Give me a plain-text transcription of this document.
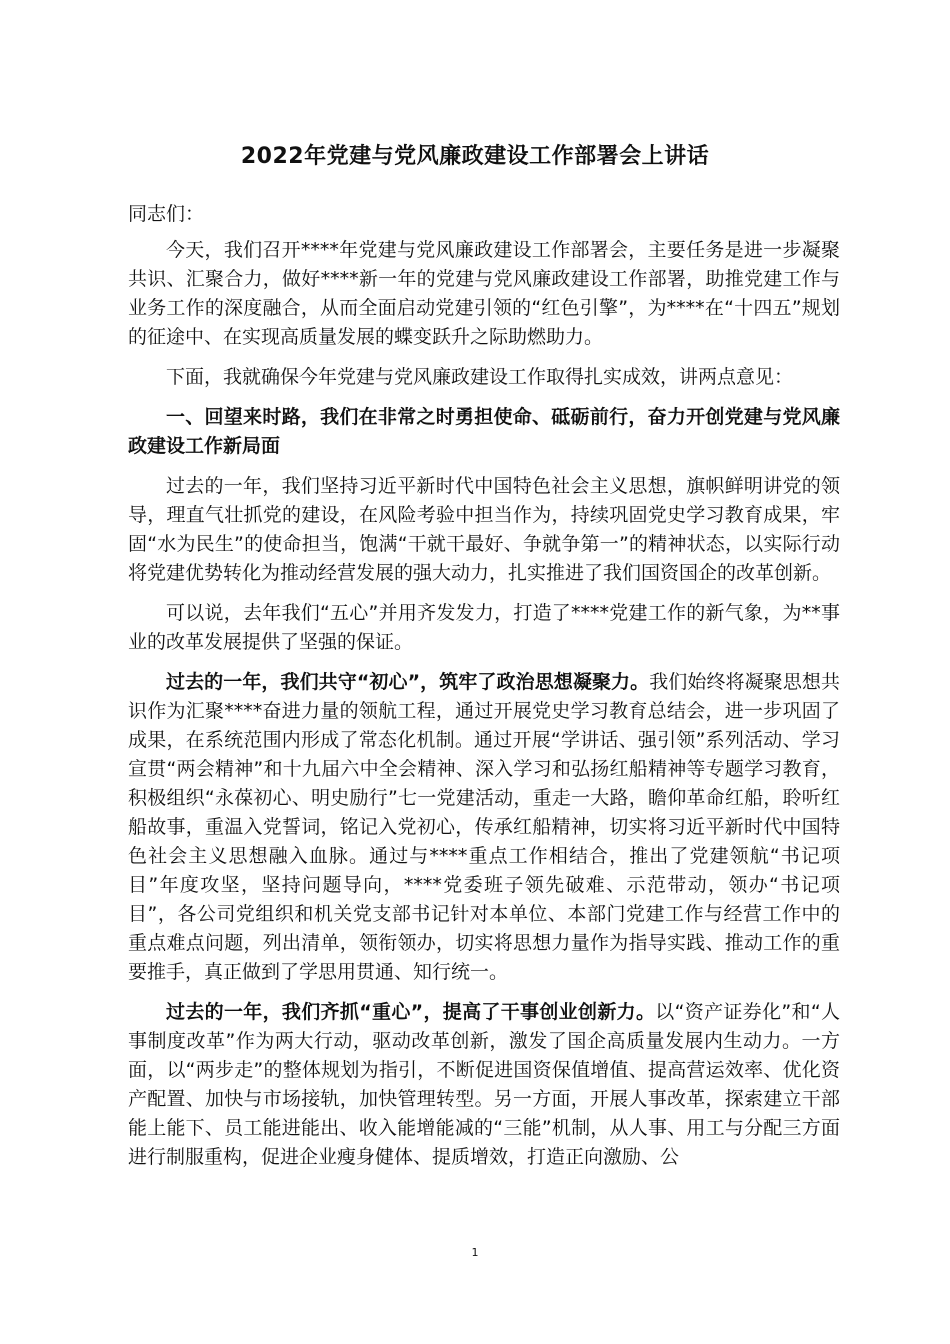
2022年党建与党风廉政建设工作部署会上讲话

同志们：

今天，我们召开****年党建与党风廉政建设工作部署会，主要任务是进一步凝聚共识、汇聚合力，做好****新一年的党建与党风廉政建设工作部署，助推党建工作与业务工作的深度融合，从而全面启动党建引领的“红色引擎”，为****在“十四五”规划的征途中、在实现高质量发展的蝶变跃升之际助燃助力。

下面，我就确保今年党建与党风廉政建设工作取得扎实成效，讲两点意见：

一、回望来时路，我们在非常之时勇担使命、砥砺前行，奋力开创党建与党风廉政建设工作新局面

过去的一年，我们坚持习近平新时代中国特色社会主义思想，旗帜鲜明讲党的领导，理直气壮抓党的建设，在风险考验中担当作为，持续巩固党史学习教育成果，牢固“水为民生”的使命担当，饱满“干就干最好、争就争第一”的精神状态，以实际行动将党建优势转化为推动经营发展的强大动力，扎实推进了我们国资国企的改革创新。

可以说，去年我们“五心”并用齐发发力，打造了****党建工作的新气象，为**事业的改革发展提供了坚强的保证。

过去的一年，我们共守“初心”，筑牢了政治思想凝聚力。我们始终将凝聚思想共识作为汇聚****奋进力量的领航工程，通过开展党史学习教育总结会，进一步巩固了成果，在系统范围内形成了常态化机制。通过开展“学讲话、强引领”系列活动、学习宣贯“两会精神”和十九届六中全会精神、深入学习和弘扬红船精神等专题学习教育，积极组织“永葆初心、明史励行”七一党建活动，重走一大路，瞻仰革命红船，聆听红船故事，重温入党誓词，铭记入党初心，传承红船精神，切实将习近平新时代中国特色社会主义思想融入血脉。通过与****重点工作相结合，推出了党建领航“书记项目”年度攻坚，坚持问题导向，****党委班子领先破难、示范带动，领办“书记项目”，各公司党组织和机关党支部书记针对本单位、本部门党建工作与经营工作中的重点难点问题，列出清单，领衔领办，切实将思想力量作为指导实践、推动工作的重要推手，真正做到了学思用贯通、知行统一。

过去的一年，我们齐抓“重心”，提高了干事创业创新力。以“资产证券化”和“人事制度改革”作为两大行动，驱动改革创新，激发了国企高质量发展内生动力。一方面，以“两步走”的整体规划为指引，不断促进国资保值增值、提高营运效率、优化资产配置、加快与市场接轨，加快管理转型。另一方面，开展人事改革，探索建立干部能上能下、员工能进能出、收入能增能减的“三能”机制，从人事、用工与分配三方面进行制服重构，促进企业瘦身健体、提质增效，打造正向激励、公

1
